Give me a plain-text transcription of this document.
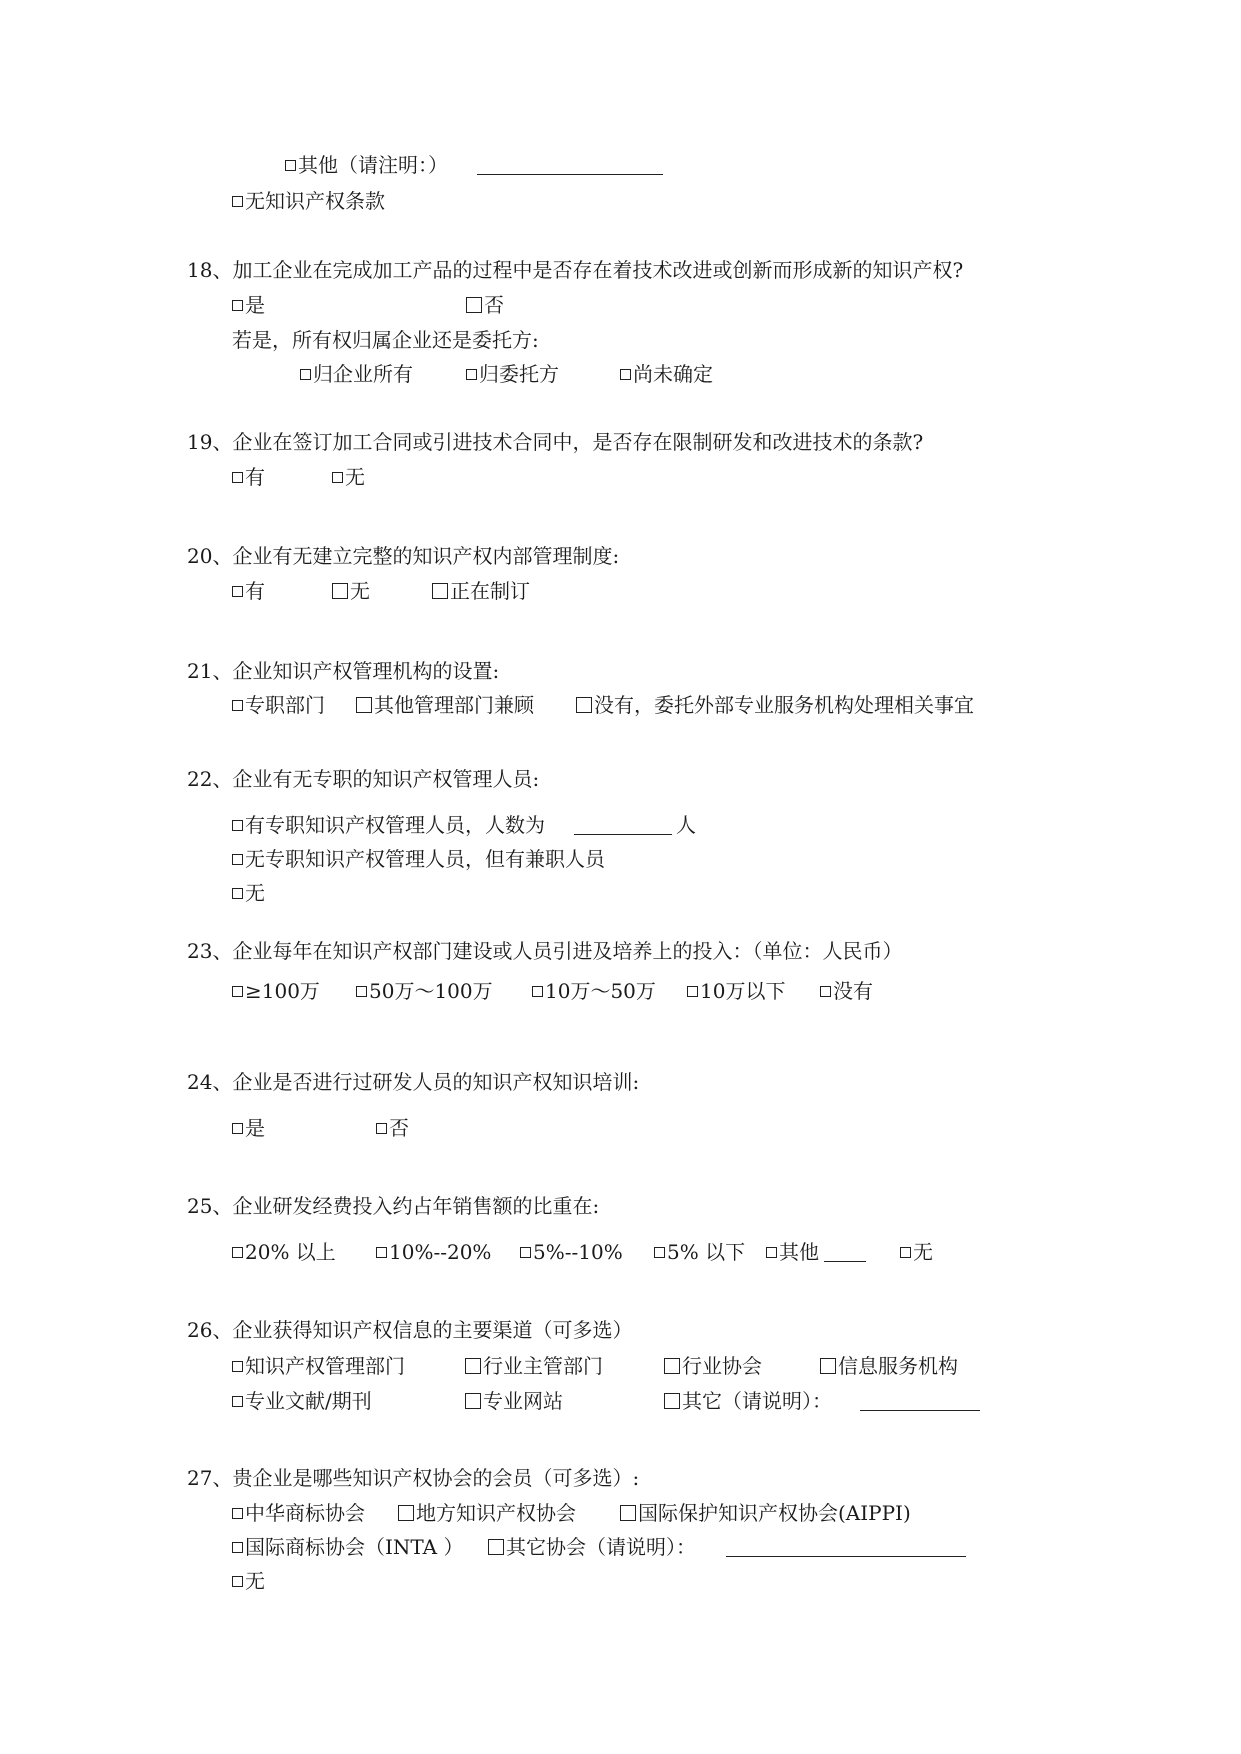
其他（请注明：）
无知识产权条款
18、加工企业在完成加工产品的过程中是否存在着技术改进或创新而形成新的知识产权?
是	否
若是，所有权归属企业还是委托方:
归企业所有	归委托方	尚未确定
19、企业在签订加工合同或引进技术合同中，是否存在限制研发和改进技术的条款?
有	无
20、企业有无建立完整的知识产权内部管理制度:
有	无	正在制订
21、企业知识产权管理机构的设置:
专职部门	其他管理部门兼顾	没有，委托外部专业服务机构处理相关事宜
22、企业有无专职的知识产权管理人员:
有专职知识产权管理人员，人数为	人
无专职知识产权管理人员，但有兼职人员
无
23、企业每年在知识产权部门建设或人员引进及培养上的投入：（单位：人民币）
≥100万	50万～100万	10万～50万	10万以下	没有
24、企业是否进行过研发人员的知识产权知识培训:
是	否
25、企业研发经费投入约占年销售额的比重在:
20% 以上	10%--20%	5%--10%	5% 以下	其他	无
26、企业获得知识产权信息的主要渠道（可多选）
知识产权管理部门	行业主管部门	行业协会	信息服务机构
专业文献/期刊	专业网站	其它（请说明）：
27、贵企业是哪些知识产权协会的会员（可多选）:
中华商标协会	地方知识产权协会	国际保护知识产权协会(AIPPI)
国际商标协会（INTA ）	其它协会（请说明）：
无
